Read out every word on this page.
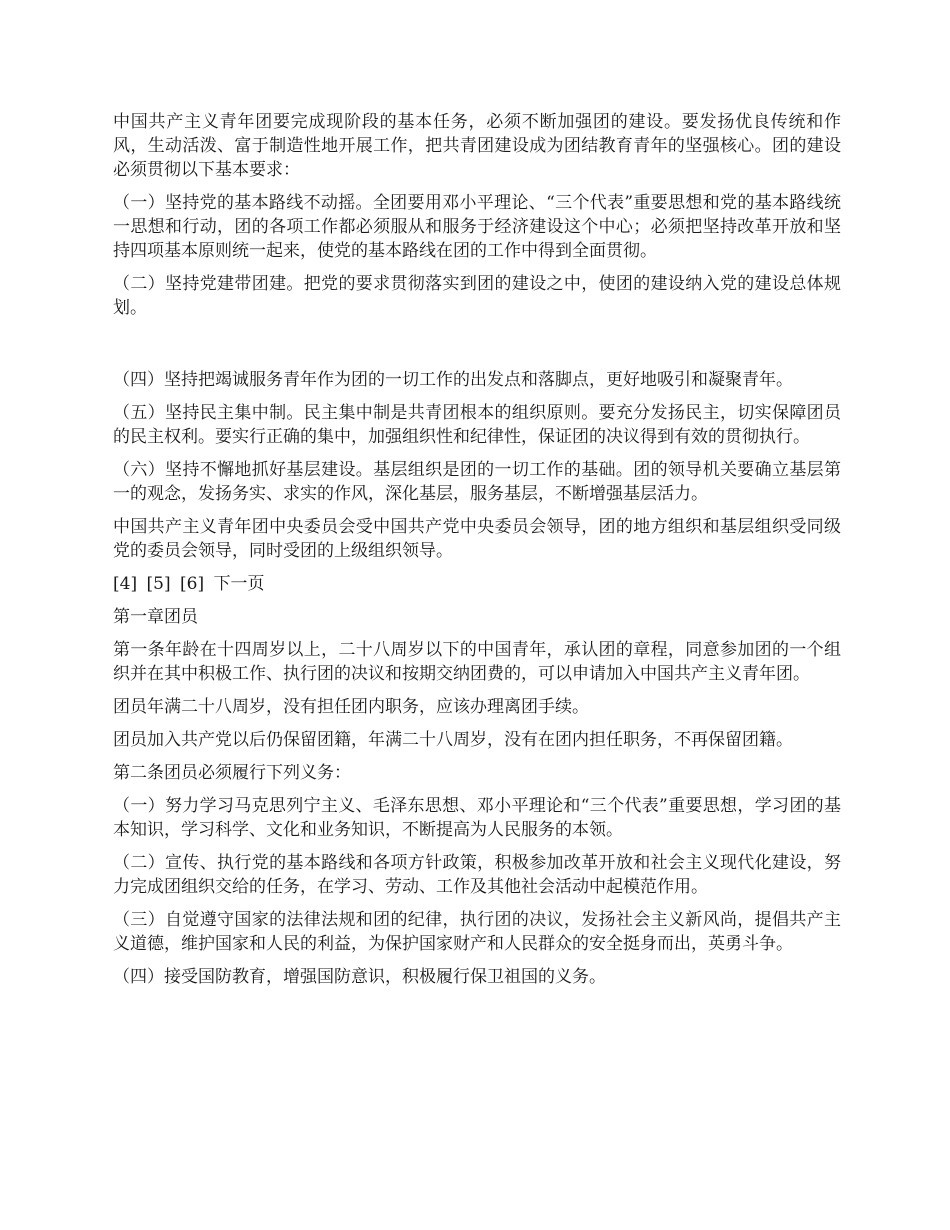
中国共产主义青年团要完成现阶段的基本任务，必须不断加强团的建设。要发扬优良传统和作风，生动活泼、富于制造性地开展工作，把共青团建设成为团结教育青年的坚强核心。团的建设必须贯彻以下基本要求：

（一）坚持党的基本路线不动摇。全团要用邓小平理论、“三个代表”重要思想和党的基本路线统一思想和行动，团的各项工作都必须服从和服务于经济建设这个中心；必须把坚持改革开放和坚持四项基本原则统一起来，使党的基本路线在团的工作中得到全面贯彻。

（二）坚持党建带团建。把党的要求贯彻落实到团的建设之中，使团的建设纳入党的建设总体规划。

（四）坚持把竭诚服务青年作为团的一切工作的出发点和落脚点，更好地吸引和凝聚青年。

（五）坚持民主集中制。民主集中制是共青团根本的组织原则。要充分发扬民主，切实保障团员的民主权利。要实行正确的集中，加强组织性和纪律性，保证团的决议得到有效的贯彻执行。

（六）坚持不懈地抓好基层建设。基层组织是团的一切工作的基础。团的领导机关要确立基层第一的观念，发扬务实、求实的作风，深化基层，服务基层，不断增强基层活力。

中国共产主义青年团中央委员会受中国共产党中央委员会领导，团的地方组织和基层组织受同级党的委员会领导，同时受团的上级组织领导。

[4] [5] [6] 下一页

第一章团员

第一条年龄在十四周岁以上，二十八周岁以下的中国青年，承认团的章程，同意参加团的一个组织并在其中积极工作、执行团的决议和按期交纳团费的，可以申请加入中国共产主义青年团。

团员年满二十八周岁，没有担任团内职务，应该办理离团手续。

团员加入共产党以后仍保留团籍，年满二十八周岁，没有在团内担任职务，不再保留团籍。

第二条团员必须履行下列义务：

（一）努力学习马克思列宁主义、毛泽东思想、邓小平理论和“三个代表”重要思想，学习团的基本知识，学习科学、文化和业务知识，不断提高为人民服务的本领。

（二）宣传、执行党的基本路线和各项方针政策，积极参加改革开放和社会主义现代化建设，努力完成团组织交给的任务，在学习、劳动、工作及其他社会活动中起模范作用。

（三）自觉遵守国家的法律法规和团的纪律，执行团的决议，发扬社会主义新风尚，提倡共产主义道德，维护国家和人民的利益，为保护国家财产和人民群众的安全挺身而出，英勇斗争。

（四）接受国防教育，增强国防意识，积极履行保卫祖国的义务。
